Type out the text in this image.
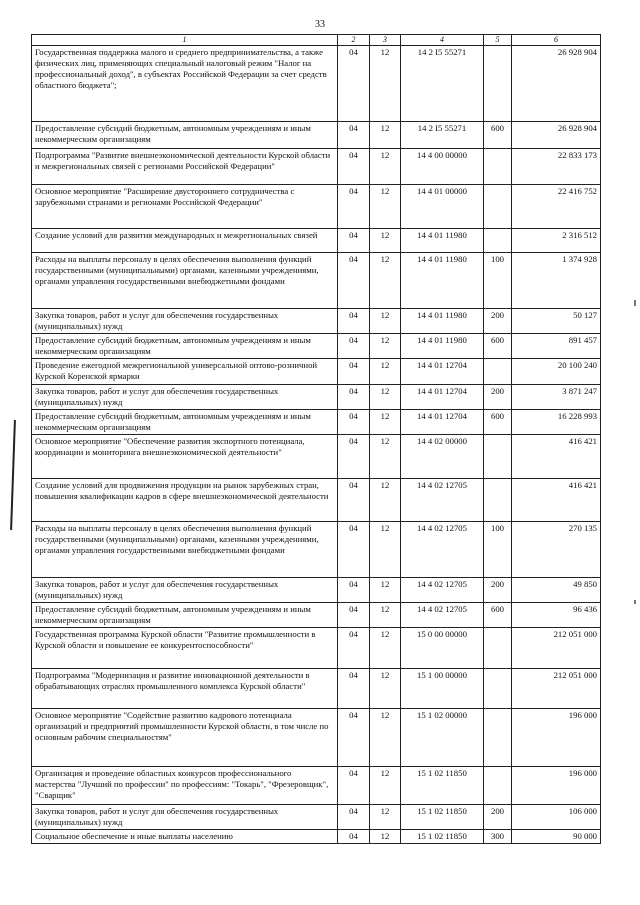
33
1	2	3	4	5	6
Государственная поддержка малого и среднего предпринимательства, а также физических лиц, применяющих специальный налоговый режим "Налог на профессиональный доход", в субъектах Российской Федерации за счет средств областного бюджета";	04	12	14 2 I5 55271		26 928 904
Предоставление субсидий бюджетным, автономным учреждениям и иным некоммерческим организациям	04	12	14 2 I5 55271	600	26 928 904
Подпрограмма "Развитие внешнеэкономической деятельности Курской области и межрегиональных связей с регионами Российской Федерации"	04	12	14 4 00 00000		22 833 173
Основное мероприятие "Расширение двустороннего сотрудничества с зарубежными странами и регионами Российской Федерации"	04	12	14 4 01 00000		22 416 752
Создание условий для развития международных и межрегиональных связей	04	12	14 4 01 11980		2 316 512
Расходы на выплаты персоналу в целях обеспечения выполнения функций государственными (муниципальными) органами, казенными учреждениями, органами управления государственными внебюджетными фондами	04	12	14 4 01 11980	100	1 374 928
Закупка товаров, работ и услуг для обеспечения государственных (муниципальных) нужд	04	12	14 4 01 11980	200	50 127
Предоставление субсидий бюджетным, автономным учреждениям и иным некоммерческим организациям	04	12	14 4 01 11980	600	891 457
Проведение ежегодной межрегиональной универсальной оптово-розничной Курской Коренской ярмарки	04	12	14 4 01 12704		20 100 240
Закупка товаров, работ и услуг для обеспечения государственных (муниципальных) нужд	04	12	14 4 01 12704	200	3 871 247
Предоставление субсидий бюджетным, автономным учреждениям и иным некоммерческим организациям	04	12	14 4 01 12704	600	16 228 993
Основное мероприятие "Обеспечение развития экспортного потенциала, координации и мониторинга внешнеэкономической деятельности"	04	12	14 4 02 00000		416 421
Создание условий для продвижения продукции на рынок зарубежных стран, повышения квалификации кадров в сфере внешнеэкономической деятельности	04	12	14 4 02 12705		416 421
Расходы на выплаты персоналу в целях обеспечения выполнения функций государственными (муниципальными) органами, казенными учреждениями, органами управления государственными внебюджетными фондами	04	12	14 4 02 12705	100	270 135
Закупка товаров, работ и услуг для обеспечения государственных (муниципальных) нужд	04	12	14 4 02 12705	200	49 850
Предоставление субсидий бюджетным, автономным учреждениям и иным некоммерческим организациям	04	12	14 4 02 12705	600	96 436
Государственная программа Курской области "Развитие промышленности в Курской области и повышение ее конкурентоспособности"	04	12	15 0 00 00000		212 051 000
Подпрограмма "Модернизация и развитие инновационной деятельности в обрабатывающих отраслях промышленного комплекса Курской области"	04	12	15 1 00 00000		212 051 000
Основное мероприятие "Содействие развитию кадрового потенциала организаций и предприятий промышленности Курской области, в том числе по основным рабочим специальностям"	04	12	15 1 02 00000		196 000
Организация и проведение областных конкурсов профессионального мастерства "Лучший по профессии" по профессиям: "Токарь", "Фрезеровщик", "Сварщик"	04	12	15 1 02 11850		196 000
Закупка товаров, работ и услуг для обеспечения государственных (муниципальных) нужд	04	12	15 1 02 11850	200	106 000
Социальное обеспечение и иные выплаты населению	04	12	15 1 02 11850	300	90 000
